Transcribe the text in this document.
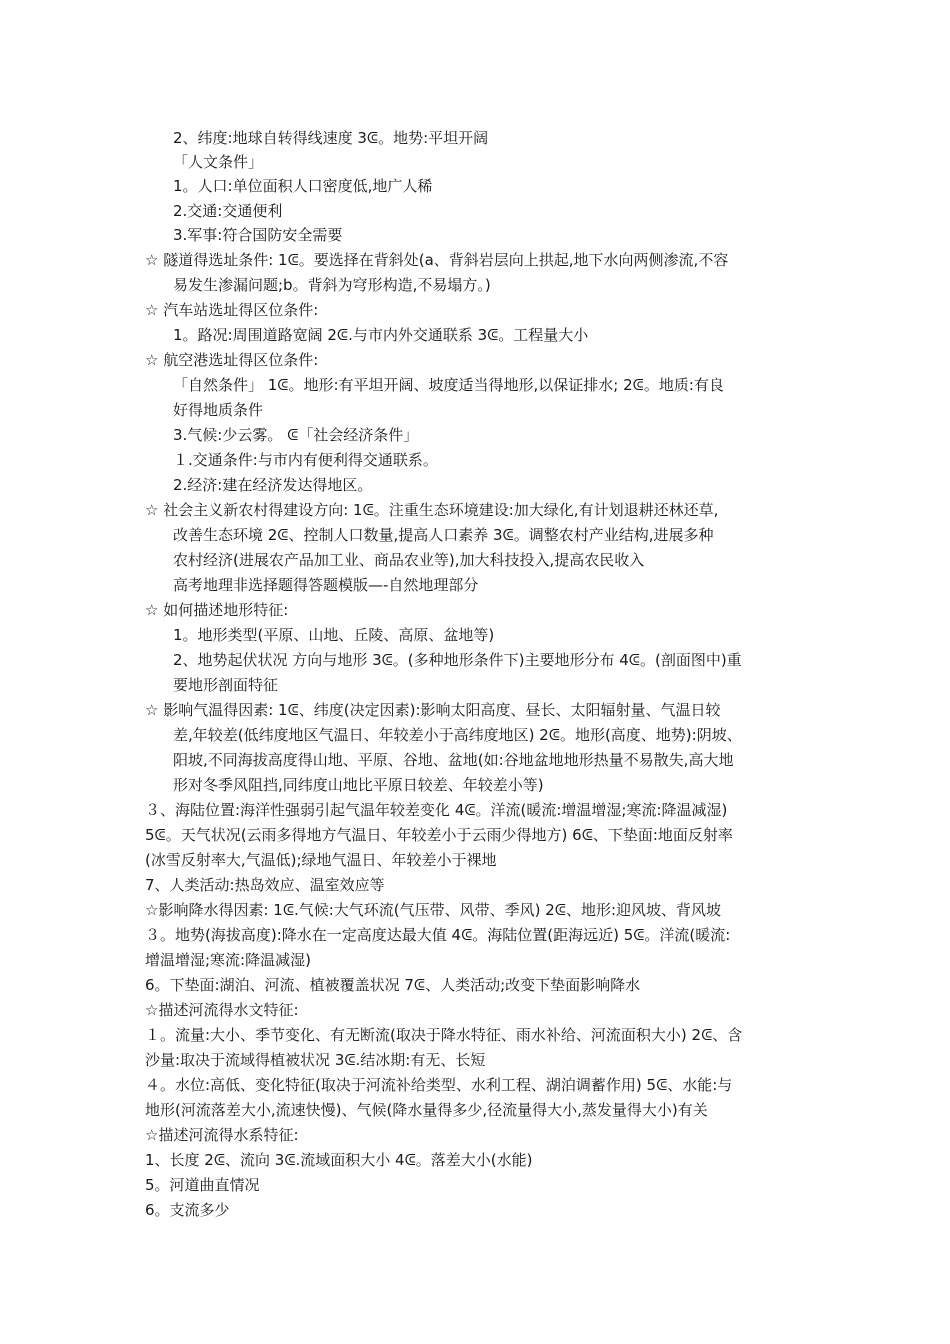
2、纬度:地球自转得线速度 3ᕳ。地势:平坦开阔
「人文条件」
1。人口:单位面积人口密度低,地广人稀
2.交通:交通便利
3.军事:符合国防安全需要
☆ 隧道得选址条件: 1ᕳ。要选择在背斜处(a、背斜岩层向上拱起,地下水向两侧渗流,不容
易发生渗漏问题;b。背斜为穹形构造,不易塌方。)
☆ 汽车站选址得区位条件:
1。路况:周围道路宽阔 2ᕳ.与市内外交通联系 3ᕳ。工程量大小
☆ 航空港选址得区位条件:
「自然条件」 1ᕳ。地形:有平坦开阔、坡度适当得地形,以保证排水; 2ᕳ。地质:有良
好得地质条件
3.气候:少云雾。 ᕳ「社会经济条件」
１.交通条件:与市内有便利得交通联系。
2.经济:建在经济发达得地区。
☆ 社会主义新农村得建设方向: 1ᕳ。注重生态环境建设:加大绿化,有计划退耕还林还草,
改善生态环境 2ᕳ、控制人口数量,提高人口素养 3ᕳ。调整农村产业结构,进展多种
农村经济(进展农产品加工业、商品农业等),加大科技投入,提高农民收入
高考地理非选择题得答题模版—-自然地理部分
☆ 如何描述地形特征:
1。地形类型(平原、山地、丘陵、高原、盆地等)
2、地势起伏状况 方向与地形 3ᕳ。(多种地形条件下)主要地形分布 4ᕳ。(剖面图中)重
要地形剖面特征
☆ 影响气温得因素: 1ᕳ、纬度(决定因素):影响太阳高度、昼长、太阳辐射量、气温日较
差,年较差(低纬度地区气温日、年较差小于高纬度地区) 2ᕳ。地形(高度、地势):阴坡、
阳坡,不同海拔高度得山地、平原、谷地、盆地(如:谷地盆地地形热量不易散失,高大地
形对冬季风阻挡,同纬度山地比平原日较差、年较差小等)
３、海陆位置:海洋性强弱引起气温年较差变化 4ᕳ。洋流(暖流:增温增湿;寒流:降温减湿)
5ᕳ。天气状况(云雨多得地方气温日、年较差小于云雨少得地方) 6ᕳ、下垫面:地面反射率
(冰雪反射率大,气温低);绿地气温日、年较差小于裸地
7、人类活动:热岛效应、温室效应等
☆影响降水得因素: 1ᕳ.气候:大气环流(气压带、风带、季风) 2ᕳ、地形:迎风坡、背风坡
３。地势(海拔高度):降水在一定高度达最大值 4ᕳ。海陆位置(距海远近) 5ᕳ。洋流(暖流:
增温增湿;寒流:降温减湿)
6。下垫面:湖泊、河流、植被覆盖状况 7ᕳ、人类活动;改变下垫面影响降水
☆描述河流得水文特征:
１。流量:大小、季节变化、有无断流(取决于降水特征、雨水补给、河流面积大小) 2ᕳ、含
沙量:取决于流域得植被状况 3ᕳ.结冰期:有无、长短
４。水位:高低、变化特征(取决于河流补给类型、水利工程、湖泊调蓄作用) 5ᕳ、水能:与
地形(河流落差大小,流速快慢)、气候(降水量得多少,径流量得大小,蒸发量得大小)有关
☆描述河流得水系特征:
1、长度 2ᕳ、流向 3ᕳ.流域面积大小 4ᕳ。落差大小(水能)
5。河道曲直情况
6。支流多少
